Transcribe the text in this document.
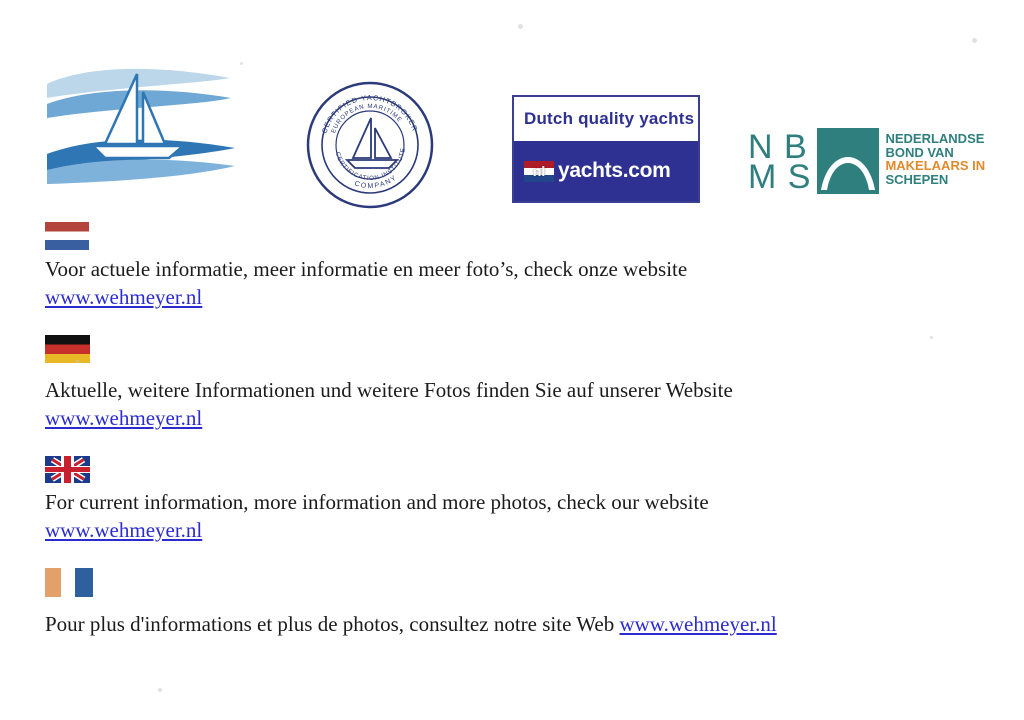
CERTIFIED YACHTBROKER
EUROPEAN MARITIME
CERTIFICATION INSTITUTE
COMPANY
Dutch quality yachts
nl yachts.com
N B
M S
NEDERLANDSE
BOND VAN
MAKELAARS IN
SCHEPEN
Voor actuele informatie, meer informatie en meer foto’s, check onze website
www.wehmeyer.nl
Aktuelle, weitere Informationen und weitere Fotos finden Sie auf unserer Website
www.wehmeyer.nl
For current information, more information and more photos, check our website
www.wehmeyer.nl
Pour plus d'informations et plus de photos, consultez notre site Web www.wehmeyer.nl
